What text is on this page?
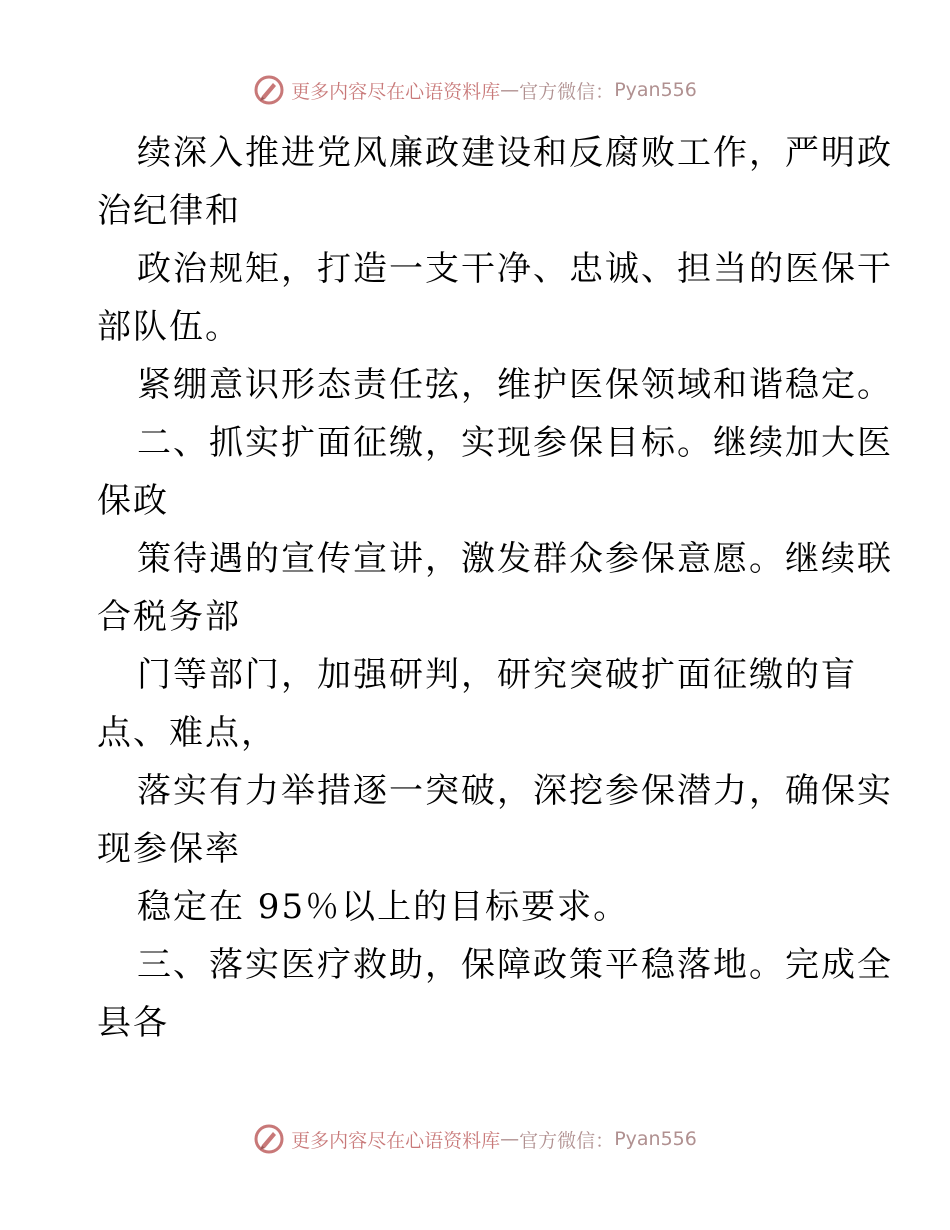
更多内容尽在心语资料库 — 官方微信： Pyan556
续深入推进党风廉政建设和反腐败工作，严明政
治纪律和
政治规矩，打造一支干净、忠诚、担当的医保干
部队伍。
紧绷意识形态责任弦，维护医保领域和谐稳定。
二、抓实扩面征缴，实现参保目标。继续加大医
保政
策待遇的宣传宣讲，激发群众参保意愿。继续联
合税务部
门等部门，加强研判，研究突破扩面征缴的盲
点、难点，
落实有力举措逐一突破，深挖参保潜力，确保实
现参保率
稳定在 95％以上的目标要求。
三、落实医疗救助，保障政策平稳落地。完成全
县各
更多内容尽在心语资料库 — 官方微信： Pyan556
